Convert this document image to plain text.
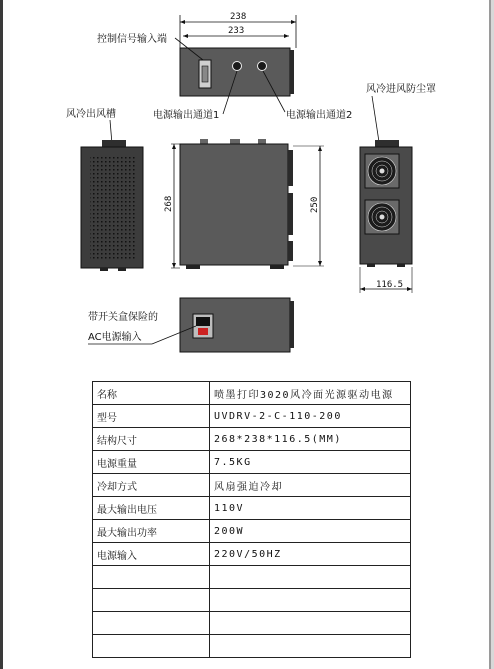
238
233
控制信号输入端
电源输出通道1	电源输出通道2
风冷出风槽
268	250
风冷进风防尘罩
116.5
带开关盒保险的
AC电源输入
名称	喷墨打印3020风冷面光源驱动电源
型号	UVDRV-2-C-110-200
结构尺寸	268*238*116.5(MM)
电源重量	7.5KG
冷却方式	风扇强迫冷却
最大输出电压	110V
最大输出功率	200W
电源输入	220V/50HZ
